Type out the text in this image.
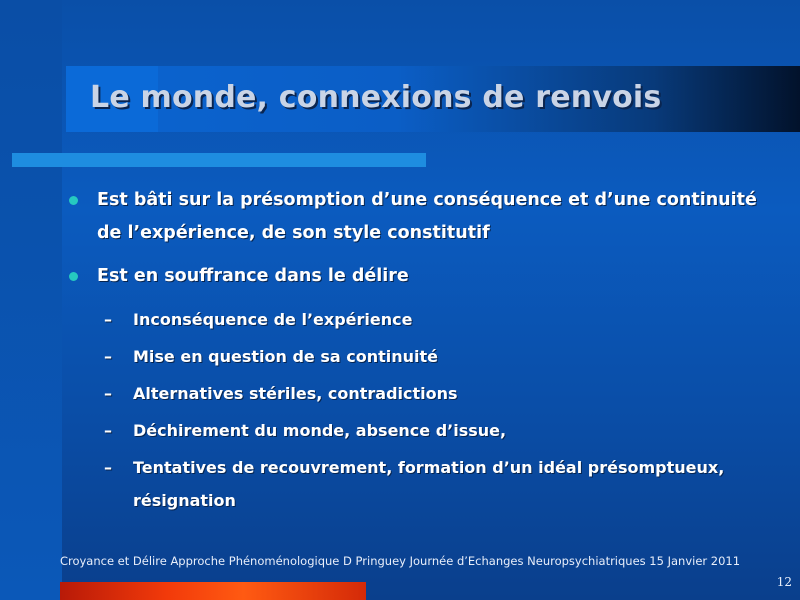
Le monde, connexions de renvois
Est bâti sur la présomption d’une conséquence et d’une continuité de l’expérience, de son style constitutif
Est en souffrance dans le délire
– Inconséquence de l’expérience
– Mise en question de sa continuité
– Alternatives stériles, contradictions
– Déchirement du monde, absence d’issue,
– Tentatives de recouvrement, formation d’un idéal présomptueux, résignation
Croyance et Délire Approche Phénoménologique D Pringuey Journée d’Echanges Neuropsychiatriques 15 Janvier 2011
12
